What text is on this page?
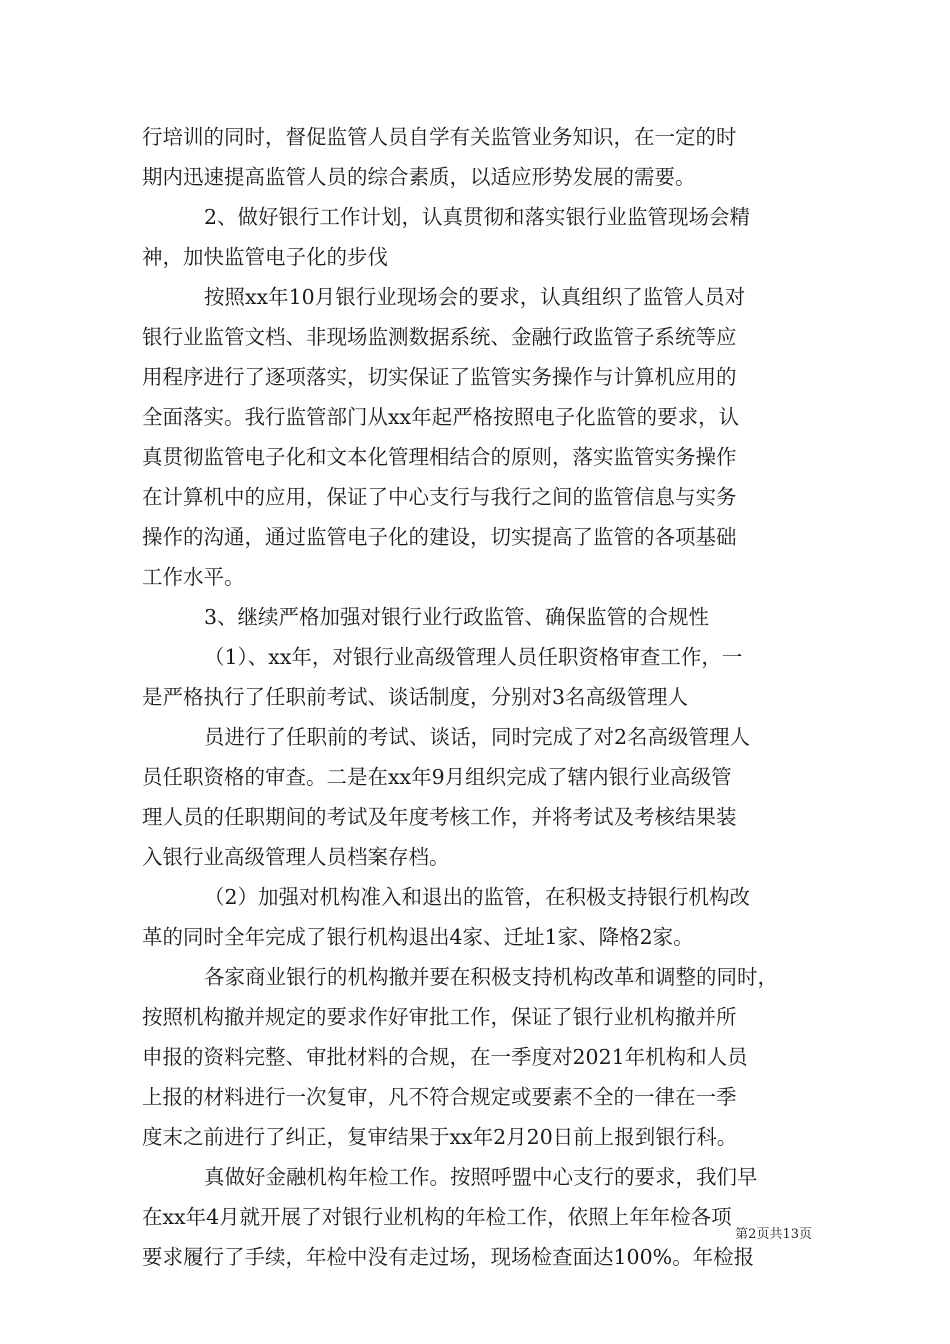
行培训的同时，督促监管人员自学有关监管业务知识，在一定的时
期内迅速提高监管人员的综合素质，以适应形势发展的需要。
2、做好银行工作计划，认真贯彻和落实银行业监管现场会精
神，加快监管电子化的步伐
按照xx年10月银行业现场会的要求，认真组织了监管人员对
银行业监管文档、非现场监测数据系统、金融行政监管子系统等应
用程序进行了逐项落实，切实保证了监管实务操作与计算机应用的
全面落实。我行监管部门从xx年起严格按照电子化监管的要求，认
真贯彻监管电子化和文本化管理相结合的原则，落实监管实务操作
在计算机中的应用，保证了中心支行与我行之间的监管信息与实务
操作的沟通，通过监管电子化的建设，切实提高了监管的各项基础
工作水平。
3、继续严格加强对银行业行政监管、确保监管的合规性
（1）、xx年，对银行业高级管理人员任职资格审查工作，一
是严格执行了任职前考试、谈话制度，分别对3名高级管理人
员进行了任职前的考试、谈话，同时完成了对2名高级管理人
员任职资格的审查。二是在xx年9月组织完成了辖内银行业高级管
理人员的任职期间的考试及年度考核工作，并将考试及考核结果装
入银行业高级管理人员档案存档。
（2）加强对机构准入和退出的监管，在积极支持银行机构改
革的同时全年完成了银行机构退出4家、迁址1家、降格2家。
各家商业银行的机构撤并要在积极支持机构改革和调整的同时，
按照机构撤并规定的要求作好审批工作，保证了银行业机构撤并所
申报的资料完整、审批材料的合规，在一季度对2021年机构和人员
上报的材料进行一次复审，凡不符合规定或要素不全的一律在一季
度末之前进行了纠正，复审结果于xx年2月20日前上报到银行科。
真做好金融机构年检工作。按照呼盟中心支行的要求，我们早
在xx年4月就开展了对银行业机构的年检工作，依照上年年检各项
要求履行了手续，年检中没有走过场，现场检查面达100%。年检报
第2页共13页
